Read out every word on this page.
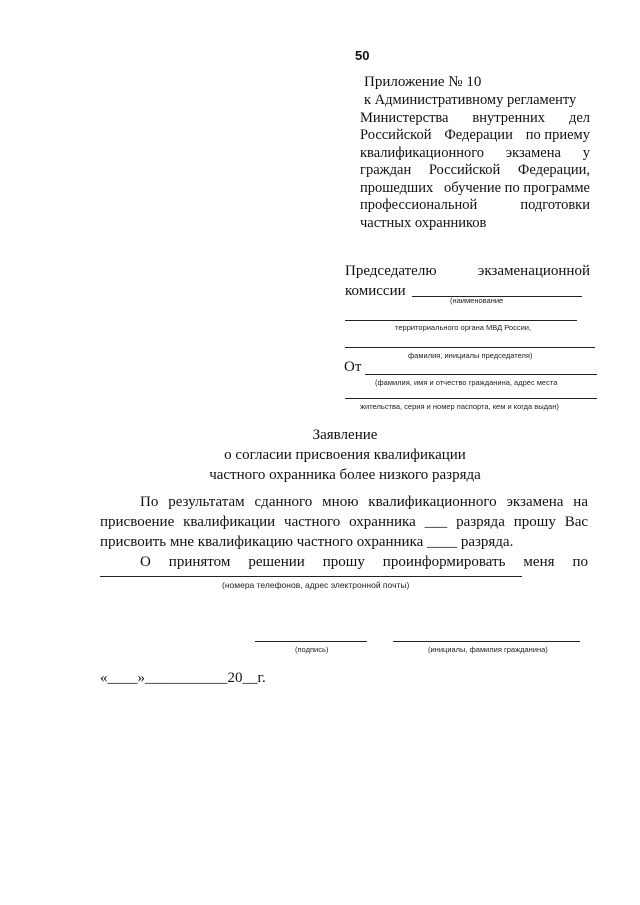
50
Приложение № 10
к
Административному регламенту
Министерства внутренних дел
Российской Федерации по приему
квалификационного экзамена у
граждан Российской Федерации,
прошедших обучение по программе
профессиональной	подготовки
частных охранников
Председателю	экзаменационной
комиссии
(наименование
территориального органа МВД России,
фамилия, инициалы председателя)
От
(фамилия, имя и отчество гражданина, адрес места
жительства, серия и номер паспорта, кем и когда выдан)
Заявление
о согласии присвоения квалификации
частного охранника более низкого разряда
По результатам сданного мною квалификационного экзамена на
присвоение квалификации частного охранника ___ разряда прошу Вас
присвоить мне квалификацию частного охранника ____ разряда.
О принятом решении прошу проинформировать меня по
(номера телефонов, адрес электронной почты)
(подпись)	(инициалы, фамилия гражданина)
«____»___________20__г.
